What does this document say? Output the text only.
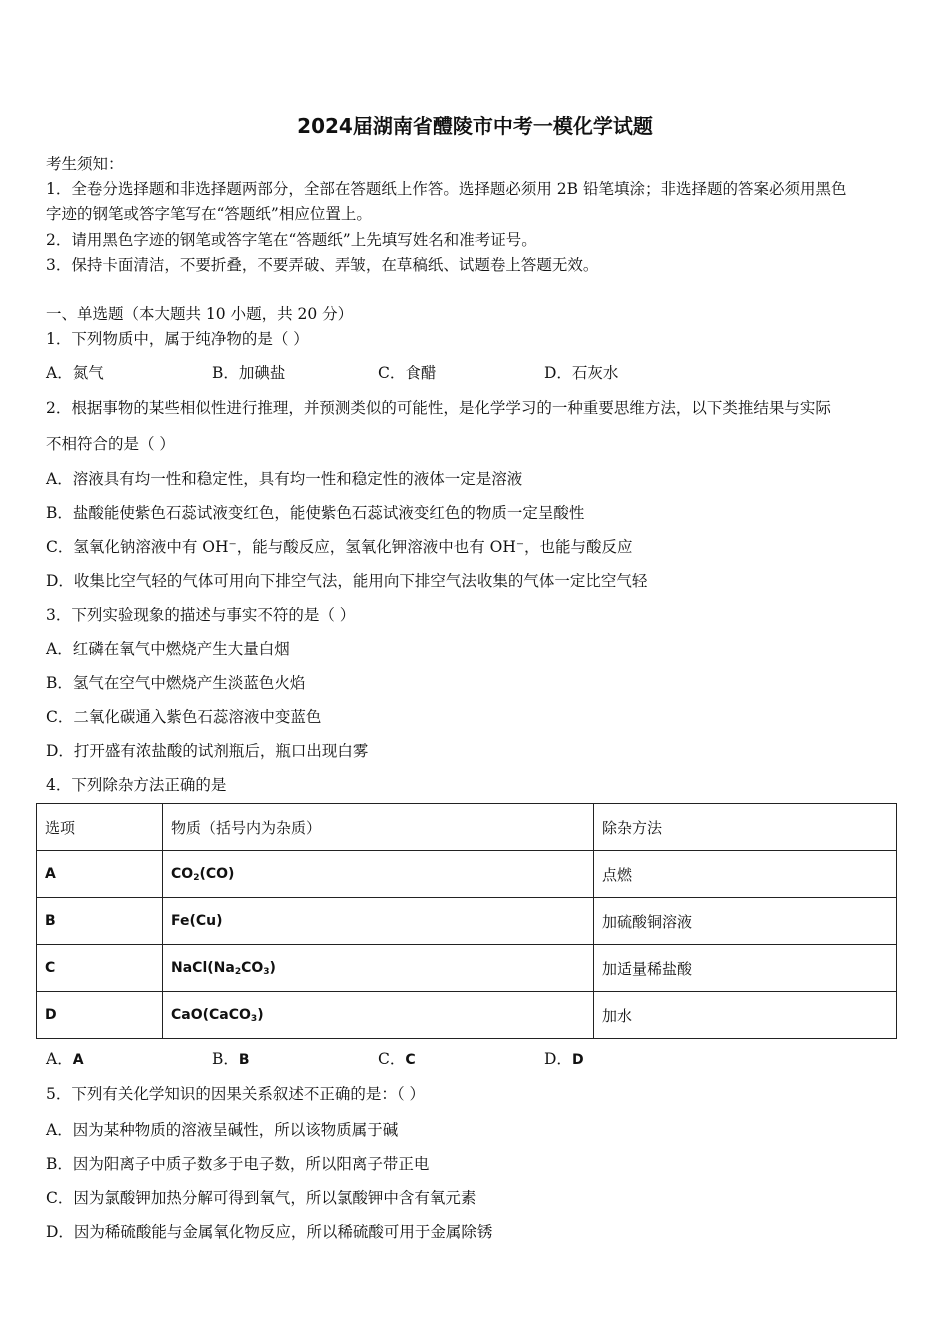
2024届湖南省醴陵市中考一模化学试题
考生须知：
1．全卷分选择题和非选择题两部分，全部在答题纸上作答。选择题必须用 2B 铅笔填涂；非选择题的答案必须用黑色
字迹的钢笔或答字笔写在“答题纸”相应位置上。
2．请用黑色字迹的钢笔或答字笔在“答题纸”上先填写姓名和准考证号。
3．保持卡面清洁，不要折叠，不要弄破、弄皱，在草稿纸、试题卷上答题无效。
一、单选题（本大题共 10 小题，共 20 分）
1．下列物质中，属于纯净物的是（ ）
A．氮气	B．加碘盐	C．食醋	D．石灰水
2．根据事物的某些相似性进行推理，并预测类似的可能性，是化学学习的一种重要思维方法，以下类推结果与实际
不相符合的是（ ）
A．溶液具有均一性和稳定性，具有均一性和稳定性的液体一定是溶液
B．盐酸能使紫色石蕊试液变红色，能使紫色石蕊试液变红色的物质一定呈酸性
C．氢氧化钠溶液中有 OH⁻，能与酸反应，氢氧化钾溶液中也有 OH⁻，也能与酸反应
D．收集比空气轻的气体可用向下排空气法，能用向下排空气法收集的气体一定比空气轻
3．下列实验现象的描述与事实不符的是（ ）
A．红磷在氧气中燃烧产生大量白烟
B．氢气在空气中燃烧产生淡蓝色火焰
C．二氧化碳通入紫色石蕊溶液中变蓝色
D．打开盛有浓盐酸的试剂瓶后，瓶口出现白雾
4．下列除杂方法正确的是
选项	物质（括号内为杂质）	除杂方法
A	$CO_2(CO)$	点燃
B	Fe(Cu)	加硫酸铜溶液
C	$NaCl(Na_2CO_3)$	加适量稀盐酸
D	CaO(CaCO$_3$)	加水
A．A	B．B	C．C	D．D
5．下列有关化学知识的因果关系叙述不正确的是：（ ）
A．因为某种物质的溶液呈碱性，所以该物质属于碱
B．因为阳离子中质子数多于电子数，所以阳离子带正电
C．因为氯酸钾加热分解可得到氧气，所以氯酸钾中含有氧元素
D．因为稀硫酸能与金属氧化物反应，所以稀硫酸可用于金属除锈
